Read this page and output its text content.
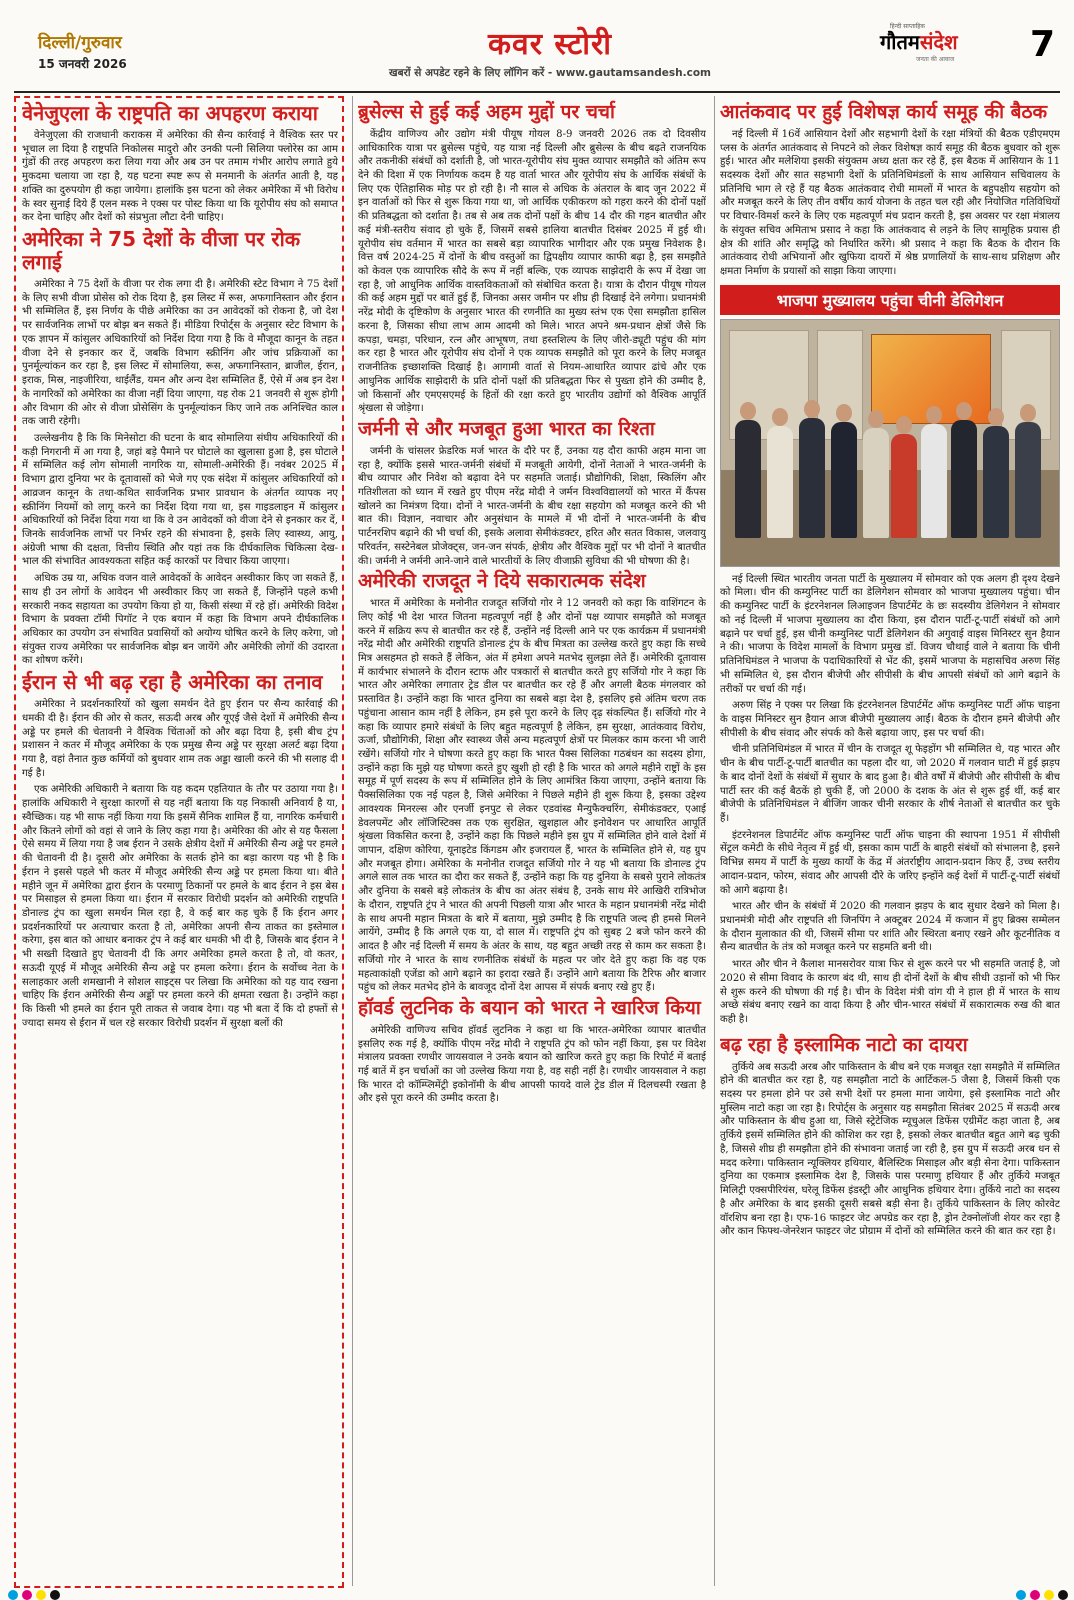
दिल्ली/गुरुवार
15 जनवरी 2026
कवर स्टोरी
खबरों से अपडेट रहने के लिए लॉगिन करें - www.gautamsandesh.com
हिन्दी साप्ताहिक
गौतमसंदेश
जनता की आवाज	7
वेनेजुएला के राष्ट्रपति का अपहरण कराया

वेनेजुएला की राजधानी कराकस में अमेरिका की सैन्य कार्रवाई ने वैश्विक स्तर पर भूचाल ला दिया है राष्ट्रपति निकोलस मादुरो और उनकी पत्नी सिलिया फ्लोरेस का आम गुंडों की तरह अपहरण करा लिया गया और अब उन पर तमाम गंभीर आरोप लगाते हुये मुकदमा चलाया जा रहा है, यह घटना स्पष्ट रूप से मनमानी के अंतर्गत आती है, यह शक्ति का दुरुपयोग ही कहा जायेगा। हालांकि इस घटना को लेकर अमेरिका में भी विरोध के स्वर सुनाई दिये हैं एलन मस्क ने एक्स पर पोस्ट किया था कि यूरोपीय संघ को समाप्त कर देना चाहिए और देशों को संप्रभुता लौटा देनी चाहिए।

अमेरिका ने 75 देशों के वीजा पर रोक लगाई

अमेरिका ने 75 देशों के वीजा पर रोक लगा दी है। अमेरिकी स्टेट विभाग ने 75 देशों के लिए सभी वीजा प्रोसेस को रोक दिया है, इस लिस्ट में रूस, अफगानिस्तान और ईरान भी सम्मिलित हैं, इस निर्णय के पीछे अमेरिका का उन आवेदकों को रोकना है, जो देश पर सार्वजनिक लाभों पर बोझ बन सकते हैं। मीडिया रिपोर्ट्स के अनुसार स्टेट विभाग के एक ज्ञापन में कांसुलर अधिकारियों को निर्देश दिया गया है कि वे मौजूदा कानून के तहत वीजा देने से इनकार कर दें, जबकि विभाग स्क्रीनिंग और जांच प्रक्रियाओं का पुनर्मूल्यांकन कर रहा है, इस लिस्ट में सोमालिया, रूस, अफगानिस्तान, ब्राजील, ईरान, इराक, मिस्र, नाइजीरिया, थाईलैंड, यमन और अन्य देश सम्मिलित हैं, ऐसे में अब इन देश के नागरिकों को अमेरिका का वीजा नहीं दिया जाएगा, यह रोक 21 जनवरी से शुरू होगी और विभाग की ओर से वीजा प्रोसेसिंग के पुनर्मूल्यांकन किए जाने तक अनिश्चित काल तक जारी रहेगी।

उल्लेखनीय है कि कि मिनेसोटा की घटना के बाद सोमालिया संघीय अधिकारियों की कड़ी निगरानी में आ गया है, जहां बड़े पैमाने पर घोटाले का खुलासा हुआ है, इस घोटाले में सम्मिलित कई लोग सोमाली नागरिक या, सोमाली-अमेरिकी हैं। नवंबर 2025 में विभाग द्वारा दुनिया भर के दूतावासों को भेजे गए एक संदेश में कांसुलर अधिकारियों को आव्रजन कानून के तथा-कथित सार्वजनिक प्रभार प्रावधान के अंतर्गत व्यापक नए स्क्रीनिंग नियमों को लागू करने का निर्देश दिया गया था, इस गाइडलाइन में कांसुलर अधिकारियों को निर्देश दिया गया था कि वे उन आवेदकों को वीजा देने से इनकार कर दें, जिनके सार्वजनिक लाभों पर निर्भर रहने की संभावना है, इसके लिए स्वास्थ्य, आयु, अंग्रेजी भाषा की दक्षता, वित्तीय स्थिति और यहां तक कि दीर्घकालिक चिकित्सा देख-भाल की संभावित आवश्यकता सहित कई कारकों पर विचार किया जाएगा।

अधिक उम्र या, अधिक वजन वाले आवेदकों के आवेदन अस्वीकार किए जा सकते हैं, साथ ही उन लोगों के आवेदन भी अस्वीकार किए जा सकते हैं, जिन्होंने पहले कभी सरकारी नकद सहायता का उपयोग किया हो या, किसी संस्था में रहे हों। अमेरिकी विदेश विभाग के प्रवक्ता टॉमी पिगॉट ने एक बयान में कहा कि विभाग अपने दीर्घकालिक अधिकार का उपयोग उन संभावित प्रवासियों को अयोग्य घोषित करने के लिए करेगा, जो संयुक्त राज्य अमेरिका पर सार्वजनिक बोझ बन जायेंगे और अमेरिकी लोगों की उदारता का शोषण करेंगे।

ईरान से भी बढ़ रहा है अमेरिका का तनाव

अमेरिका ने प्रदर्शनकारियों को खुला समर्थन देते हुए ईरान पर सैन्य कार्रवाई की धमकी दी है। ईरान की ओर से कतर, सऊदी अरब और यूएई जैसे देशों में अमेरिकी सैन्य अड्डे पर हमले की चेतावनी ने वैश्विक चिंताओं को और बढ़ा दिया है, इसी बीच ट्रंप प्रशासन ने कतर में मौजूद अमेरिका के एक प्रमुख सैन्य अड्डे पर सुरक्षा अलर्ट बढ़ा दिया गया है, वहां तैनात कुछ कर्मियों को बुधवार शाम तक अड्डा खाली करने की भी सलाह दी गई है।

एक अमेरिकी अधिकारी ने बताया कि यह कदम एहतियात के तौर पर उठाया गया है। हालांकि अधिकारी ने सुरक्षा कारणों से यह नहीं बताया कि यह निकासी अनिवार्य है या, स्वैच्छिक। यह भी साफ नहीं किया गया कि इसमें सैनिक शामिल हैं या, नागरिक कर्मचारी और कितने लोगों को वहां से जाने के लिए कहा गया है। अमेरिका की ओर से यह फैसला ऐसे समय में लिया गया है जब ईरान ने उसके क्षेत्रीय देशों में अमेरिकी सैन्य अड्डे पर हमले की चेतावनी दी है। दूसरी ओर अमेरिका के सतर्क होने का बड़ा कारण यह भी है कि ईरान ने इससे पहले भी कतर में मौजूद अमेरिकी सैन्य अड्डे पर हमला किया था। बीते महीने जून में अमेरिका द्वारा ईरान के परमाणु ठिकानों पर हमले के बाद ईरान ने इस बेस पर मिसाइल से हमला किया था। ईरान में सरकार विरोधी प्रदर्शन को अमेरिकी राष्ट्रपति डोनाल्ड ट्रंप का खुला समर्थन मिल रहा है, वे कई बार कह चुके हैं कि ईरान अगर प्रदर्शनकारियों पर अत्याचार करता है तो, अमेरिका अपनी सैन्य ताकत का इस्तेमाल करेगा, इस बात को आधार बनाकर ट्रंप ने कई बार धमकी भी दी है, जिसके बाद ईरान ने भी सख्ती दिखाते हुए चेतावनी दी कि अगर अमेरिका हमले करता है तो, वो कतर, सऊदी यूएई में मौजूद अमेरिकी सैन्य अड्डे पर हमला करेगा। ईरान के सर्वोच्च नेता के सलाहकार अली शमखानी ने सोशल साइट्स पर लिखा कि अमेरिका को यह याद रखना चाहिए कि ईरान अमेरिकी सैन्य अड्डों पर हमला करने की क्षमता रखता है। उन्होंने कहा कि किसी भी हमले का ईरान पूरी ताकत से जवाब देगा। यह भी बता दें कि दो हफ्तों से ज्यादा समय से ईरान में चल रहे सरकार विरोधी प्रदर्शन में सुरक्षा बलों की

ब्रुसेल्स से हुई कई अहम मुद्दों पर चर्चा

केंद्रीय वाणिज्य और उद्योग मंत्री पीयूष गोयल 8-9 जनवरी 2026 तक दो दिवसीय आधिकारिक यात्रा पर ब्रुसेल्स पहुंचे, यह यात्रा नई दिल्ली और ब्रुसेल्स के बीच बढ़ते राजनयिक और तकनीकी संबंधों को दर्शाती है, जो भारत-यूरोपीय संघ मुक्त व्यापार समझौते को अंतिम रूप देने की दिशा में एक निर्णायक कदम है यह वार्ता भारत और यूरोपीय संघ के आर्थिक संबंधों के लिए एक ऐतिहासिक मोड़ पर हो रही है। नौ साल से अधिक के अंतराल के बाद जून 2022 में इन वार्ताओं को फिर से शुरू किया गया था, जो आर्थिक एकीकरण को गहरा करने की दोनों पक्षों की प्रतिबद्धता को दर्शाता है। तब से अब तक दोनों पक्षों के बीच 14 दौर की गहन बातचीत और कई मंत्री-स्तरीय संवाद हो चुके हैं, जिसमें सबसे हालिया बातचीत दिसंबर 2025 में हुई थी। यूरोपीय संघ वर्तमान में भारत का सबसे बड़ा व्यापारिक भागीदार और एक प्रमुख निवेशक है। वित्त वर्ष 2024-25 में दोनों के बीच वस्तुओं का द्विपक्षीय व्यापार काफी बढ़ा है, इस समझौते को केवल एक व्यापारिक सौदे के रूप में नहीं बल्कि, एक व्यापक साझेदारी के रूप में देखा जा रहा है, जो आधुनिक आर्थिक वास्तविकताओं को संबोधित करता है। यात्रा के दौरान पीयूष गोयल की कई अहम मुद्दों पर बातें हुई हैं, जिनका असर जमीन पर शीघ्र ही दिखाई देने लगेगा। प्रधानमंत्री नरेंद्र मोदी के दृष्टिकोण के अनुसार भारत की रणनीति का मुख्य स्तंभ एक ऐसा समझौता हासिल करना है, जिसका सीधा लाभ आम आदमी को मिले। भारत अपने श्रम-प्रधान क्षेत्रों जैसे कि कपड़ा, चमड़ा, परिधान, रत्न और आभूषण, तथा हस्तशिल्प के लिए जीरो-ड्यूटी पहुंच की मांग कर रहा है भारत और यूरोपीय संघ दोनों ने एक व्यापक समझौते को पूरा करने के लिए मजबूत राजनीतिक इच्छाशक्ति दिखाई है। आगामी वार्ता से नियम-आधारित व्यापार ढांचे और एक आधुनिक आर्थिक साझेदारी के प्रति दोनों पक्षों की प्रतिबद्धता फिर से पुख्ता होने की उम्मीद है, जो किसानों और एमएसएमई के हितों की रक्षा करते हुए भारतीय उद्योगों को वैश्विक आपूर्ति श्रृंखला से जोड़ेगा।

जर्मनी से और मजबूत हुआ भारत का रिश्ता

जर्मनी के चांसलर फ्रेडरिक मर्ज भारत के दौरे पर हैं, उनका यह दौरा काफी अहम माना जा रहा है, क्योंकि इससे भारत-जर्मनी संबंधों में मजबूती आयेगी, दोनों नेताओं ने भारत-जर्मनी के बीच व्यापार और निवेश को बढ़ावा देने पर सहमति जताई। प्रौद्योगिकी, शिक्षा, स्किलिंग और गतिशीलता को ध्यान में रखते हुए पीएम नरेंद्र मोदी ने जर्मन विश्वविद्यालयों को भारत में कैंपस खोलने का निमंत्रण दिया। दोनों ने भारत-जर्मनी के बीच रक्षा सहयोग को मजबूत करने की भी बात की। विज्ञान, नवाचार और अनुसंधान के मामले में भी दोनों ने भारत-जर्मनी के बीच पार्टनरशिप बढ़ाने की भी चर्चा की, इसके अलावा सेमीकंडक्टर, हरित और सतत विकास, जलवायु परिवर्तन, सस्टेनेबल प्रोजेक्ट्स, जन-जन संपर्क, क्षेत्रीय और वैश्विक मुद्दों पर भी दोनों ने बातचीत की। जर्मनी ने जर्मनी आने-जाने वाले भारतीयों के लिए वीजाफ्री सुविधा की भी घोषणा की है।

अमेरिकी राजदूत ने दिये सकारात्मक संदेश

भारत में अमेरिका के मनोनीत राजदूत सर्जियो गोर ने 12 जनवरी को कहा कि वाशिंगटन के लिए कोई भी देश भारत जितना महत्वपूर्ण नहीं है और दोनों पक्ष व्यापार समझौते को मजबूत करने में सक्रिय रूप से बातचीत कर रहे हैं, उन्होंने नई दिल्ली आने पर एक कार्यक्रम में प्रधानमंत्री नरेंद्र मोदी और अमेरिकी राष्ट्रपति डोनाल्ड ट्रंप के बीच मित्रता का उल्लेख करते हुए कहा कि सच्चे मित्र असहमत हो सकते हैं लेकिन, अंत में हमेशा अपने मतभेद सुलझा लेते हैं। अमेरिकी दूतावास में कार्यभार संभालने के दौरान स्टाफ और पत्रकारों से बातचीत करते हुए सर्जियो गोर ने कहा कि भारत और अमेरिका लगातार ट्रेड डील पर बातचीत कर रहे हैं और अगली बैठक मंगलवार को प्रस्तावित है। उन्होंने कहा कि भारत दुनिया का सबसे बड़ा देश है, इसलिए इसे अंतिम चरण तक पहुंचाना आसान काम नहीं है लेकिन, हम इसे पूरा करने के लिए दृढ़ संकल्पित हैं। सर्जियो गोर ने कहा कि व्यापार हमारे संबंधों के लिए बहुत महत्वपूर्ण है लेकिन, हम सुरक्षा, आतंकवाद विरोध, ऊर्जा, प्रौद्योगिकी, शिक्षा और स्वास्थ्य जैसे अन्य महत्वपूर्ण क्षेत्रों पर मिलकर काम करना भी जारी रखेंगे। सर्जियो गोर ने घोषणा करते हुए कहा कि भारत पैक्स सिलिका गठबंधन का सदस्य होगा, उन्होंने कहा कि मुझे यह घोषणा करते हुए खुशी हो रही है कि भारत को अगले महीने राष्ट्रों के इस समूह में पूर्ण सदस्य के रूप में सम्मिलित होने के लिए आमंत्रित किया जाएगा, उन्होंने बताया कि पैक्ससिलिका एक नई पहल है, जिसे अमेरिका ने पिछले महीने ही शुरू किया है, इसका उद्देश्य आवश्यक मिनरल्स और एनर्जी इनपुट से लेकर एडवांस्ड मैन्युफैक्चरिंग, सेमीकंडक्टर, एआई डेवलपमेंट और लॉजिस्टिक्स तक एक सुरक्षित, खुशहाल और इनोवेशन पर आधारित आपूर्ति श्रृंखला विकसित करना है, उन्होंने कहा कि पिछले महीने इस ग्रुप में सम्मिलित होने वाले देशों में जापान, दक्षिण कोरिया, यूनाइटेड किंगडम और इजरायल हैं, भारत के सम्मिलित होने से, यह ग्रुप और मजबूत होगा। अमेरिका के मनोनीत राजदूत सर्जियो गोर ने यह भी बताया कि डोनाल्ड ट्रंप अगले साल तक भारत का दौरा कर सकते हैं, उन्होंने कहा कि यह दुनिया के सबसे पुराने लोकतंत्र और दुनिया के सबसे बड़े लोकतंत्र के बीच का अंतर संबंध है, उनके साथ मेरे आखिरी रात्रिभोज के दौरान, राष्ट्रपति ट्रंप ने भारत की अपनी पिछली यात्रा और भारत के महान प्रधानमंत्री नरेंद्र मोदी के साथ अपनी महान मित्रता के बारे में बताया, मुझे उम्मीद है कि राष्ट्रपति जल्द ही हमसे मिलने आयेंगे, उम्मीद है कि अगले एक या, दो साल में। राष्ट्रपति ट्रंप को सुबह 2 बजे फोन करने की आदत है और नई दिल्ली में समय के अंतर के साथ, यह बहुत अच्छी तरह से काम कर सकता है। सर्जियो गोर ने भारत के साथ रणनीतिक संबंधों के महत्व पर जोर देते हुए कहा कि वह एक महत्वाकांक्षी एजेंडा को आगे बढ़ाने का इरादा रखते हैं। उन्होंने आगे बताया कि टैरिफ और बाजार पहुंच को लेकर मतभेद होने के बावजूद दोनों देश आपस में संपर्क बनाए रखे हुए हैं।

हॉवर्ड लुटनिक के बयान को भारत ने खारिज किया

अमेरिकी वाणिज्य सचिव हॉवर्ड लुटनिक ने कहा था कि भारत-अमेरिका व्यापार बातचीत इसलिए रुक गई है, क्योंकि पीएम नरेंद्र मोदी ने राष्ट्रपति ट्रंप को फोन नहीं किया, इस पर विदेश मंत्रालय प्रवक्ता रणधीर जायसवाल ने उनके बयान को खारिज करते हुए कहा कि रिपोर्ट में बताई गई बातें में इन चर्चाओं का जो उल्लेख किया गया है, वह सही नहीं है। रणधीर जायसवाल ने कहा कि भारत दो कॉम्प्लिमेंट्री इकोनॉमी के बीच आपसी फायदे वाले ट्रेड डील में दिलचस्पी रखता है और इसे पूरा करने की उम्मीद करता है।

आतंकवाद पर हुई विशेषज्ञ कार्य समूह की बैठक

नई दिल्ली में 16वें आसियान देशों और सहभागी देशों के रक्षा मंत्रियों की बैठक एडीएमएम प्लस के अंतर्गत आतंकवाद से निपटने को लेकर विशेषज्ञ कार्य समूह की बैठक बुधवार को शुरू हुई। भारत और मलेशिया इसकी संयुक्तम अध्य क्षता कर रहे हैं, इस बैठक में आसियान के 11 सदस्यक देशों और सात सहभागी देशों के प्रतिनिधिमंडलों के साथ आसियान सचिवालय के प्रतिनिधि भाग ले रहे हैं यह बैठक आतंकवाद रोधी मामलों में भारत के बहुपक्षीय सहयोग को और मजबूत करने के लिए तीन वर्षीय कार्य योजना के तहत चल रही और नियोजित गतिविधियों पर विचार-विमर्श करने के लिए एक महत्वपूर्ण मंच प्रदान करती है, इस अवसर पर रक्षा मंत्रालय के संयुक्त सचिव अमिताभ प्रसाद ने कहा कि आतंकवाद से लड़ने के लिए सामूहिक प्रयास ही क्षेत्र की शांति और समृद्धि को निर्धारित करेंगे। श्री प्रसाद ने कहा कि बैठक के दौरान कि आतंकवाद रोधी अभियानों और खुफिया दायरों में श्रेष्ठ प्रणालियों के साथ-साथ प्रशिक्षण और क्षमता निर्माण के प्रयासों को साझा किया जाएगा।

भाजपा मुख्यालय पहुंचा चीनी डेलिगेशन

नई दिल्ली स्थित भारतीय जनता पार्टी के मुख्यालय में सोमवार को एक अलग ही दृश्य देखने को मिला। चीन की कम्युनिस्ट पार्टी का डेलिगेशन सोमवार को भाजपा मुख्यालय पहुंचा। चीन की कम्युनिस्ट पार्टी के इंटरनेशनल लिआइजन डिपार्टमेंट के छः सदस्यीय डेलिगेशन ने सोमवार को नई दिल्ली में भाजपा मुख्यालय का दौरा किया, इस दौरान पार्टी-टू-पार्टी संबंधों को आगे बढ़ाने पर चर्चा हुई, इस चीनी कम्युनिस्ट पार्टी डेलिगेशन की अगुवाई वाइस मिनिस्टर सुन हैयान ने की। भाजपा के विदेश मामलों के विभाग प्रमुख डॉ. विजय चौथाई वाले ने बताया कि चीनी प्रतिनिधिमंडल ने भाजपा के पदाधिकारियों से भेंट की, इसमें भाजपा के महासचिव अरुण सिंह भी सम्मिलित थे, इस दौरान बीजेपी और सीपीसी के बीच आपसी संबंधों को आगे बढ़ाने के तरीकों पर चर्चा की गई।

अरुण सिंह ने एक्स पर लिखा कि इंटरनेशनल डिपार्टमेंट ऑफ कम्युनिस्ट पार्टी ऑफ चाइना के वाइस मिनिस्टर सुन हैयान आज बीजेपी मुख्यालय आईं। बैठक के दौरान हमने बीजेपी और सीपीसी के बीच संवाद और संपर्क को कैसे बढ़ाया जाए, इस पर चर्चा की।

चीनी प्रतिनिधिमंडल में भारत में चीन के राजदूत शू फेइहोंग भी सम्मिलित थे, यह भारत और चीन के बीच पार्टी-टू-पार्टी बातचीत का पहला दौर था, जो 2020 में गलवान घाटी में हुई झड़प के बाद दोनों देशों के संबंधों में सुधार के बाद हुआ है। बीते वर्षों में बीजेपी और सीपीसी के बीच पार्टी स्तर की कई बैठकें हो चुकी हैं, जो 2000 के दशक के अंत से शुरू हुई थीं, कई बार बीजेपी के प्रतिनिधिमंडल ने बीजिंग जाकर चीनी सरकार के शीर्ष नेताओं से बातचीत कर चुके हैं।

इंटरनेशनल डिपार्टमेंट ऑफ कम्युनिस्ट पार्टी ऑफ चाइना की स्थापना 1951 में सीपीसी सेंट्रल कमेटी के सीधे नेतृत्व में हुई थी, इसका काम पार्टी के बाहरी संबंधों को संभालना है, इसने विभिन्न समय में पार्टी के मुख्य कार्यों के केंद्र में अंतर्राष्ट्रीय आदान-प्रदान किए हैं, उच्च स्तरीय आदान-प्रदान, फोरम, संवाद और आपसी दौरे के जरिए इन्होंने कई देशों में पार्टी-टू-पार्टी संबंधों को आगे बढ़ाया है।

भारत और चीन के संबंधों में 2020 की गलवान झड़प के बाद सुधार देखने को मिला है। प्रधानमंत्री मोदी और राष्ट्रपति शी जिनपिंग ने अक्टूबर 2024 में कजान में हुए ब्रिक्स सम्मेलन के दौरान मुलाकात की थी, जिसमें सीमा पर शांति और स्थिरता बनाए रखने और कूटनीतिक व सैन्य बातचीत के तंत्र को मजबूत करने पर सहमति बनी थी।

भारत और चीन ने कैलाश मानसरोवर यात्रा फिर से शुरू करने पर भी सहमति जताई है, जो 2020 से सीमा विवाद के कारण बंद थी, साथ ही दोनों देशों के बीच सीधी उड़ानों को भी फिर से शुरू करने की घोषणा की गई है। चीन के विदेश मंत्री वांग यी ने हाल ही में भारत के साथ अच्छे संबंध बनाए रखने का वादा किया है और चीन-भारत संबंधों में सकारात्मक रुख की बात कही है।

बढ़ रहा है इस्लामिक नाटो का दायरा

तुर्किये अब सऊदी अरब और पाकिस्तान के बीच बने एक मजबूत रक्षा समझौते में सम्मिलित होने की बातचीत कर रहा है, यह समझौता नाटो के आर्टिकल-5 जैसा है, जिसमें किसी एक सदस्य पर हमला होने पर उसे सभी देशों पर हमला माना जायेगा, इसे इस्लामिक नाटो और मुस्लिम नाटो कहा जा रहा है। रिपोर्ट्स के अनुसार यह समझौता सितंबर 2025 में सऊदी अरब और पाकिस्तान के बीच हुआ था, जिसे स्ट्रेटेजिक म्यूचुअल डिफेंस एग्रीमेंट कहा जाता है, अब तुर्किये इसमें सम्मिलित होने की कोशिश कर रहा है, इसको लेकर बातचीत बहुत आगे बढ़ चुकी है, जिससे शीघ्र ही समझौता होने की संभावना जताई जा रही है, इस ग्रुप में सऊदी अरब धन से मदद करेगा। पाकिस्तान न्यूक्लियर हथियार, बैलिस्टिक मिसाइल और बड़ी सेना देगा। पाकिस्तान दुनिया का एकमात्र इस्लामिक देश है, जिसके पास परमाणु हथियार हैं और तुर्किये मजबूत मिलिट्री एक्सपीरियंस, घरेलू डिफेंस इंडस्ट्री और आधुनिक हथियार देगा। तुर्किये नाटो का सदस्य है और अमेरिका के बाद इसकी दूसरी सबसे बड़ी सेना है। तुर्किये पाकिस्तान के लिए कोरवेट वॉरशिप बना रहा है। एफ-16 फाइटर जेट अपग्रेड कर रहा है, ड्रोन टेक्नोलॉजी शेयर कर रहा है और कान फिफ्थ-जेनरेशन फाइटर जेट प्रोग्राम में दोनों को सम्मिलित करने की बात कर रहा है।
